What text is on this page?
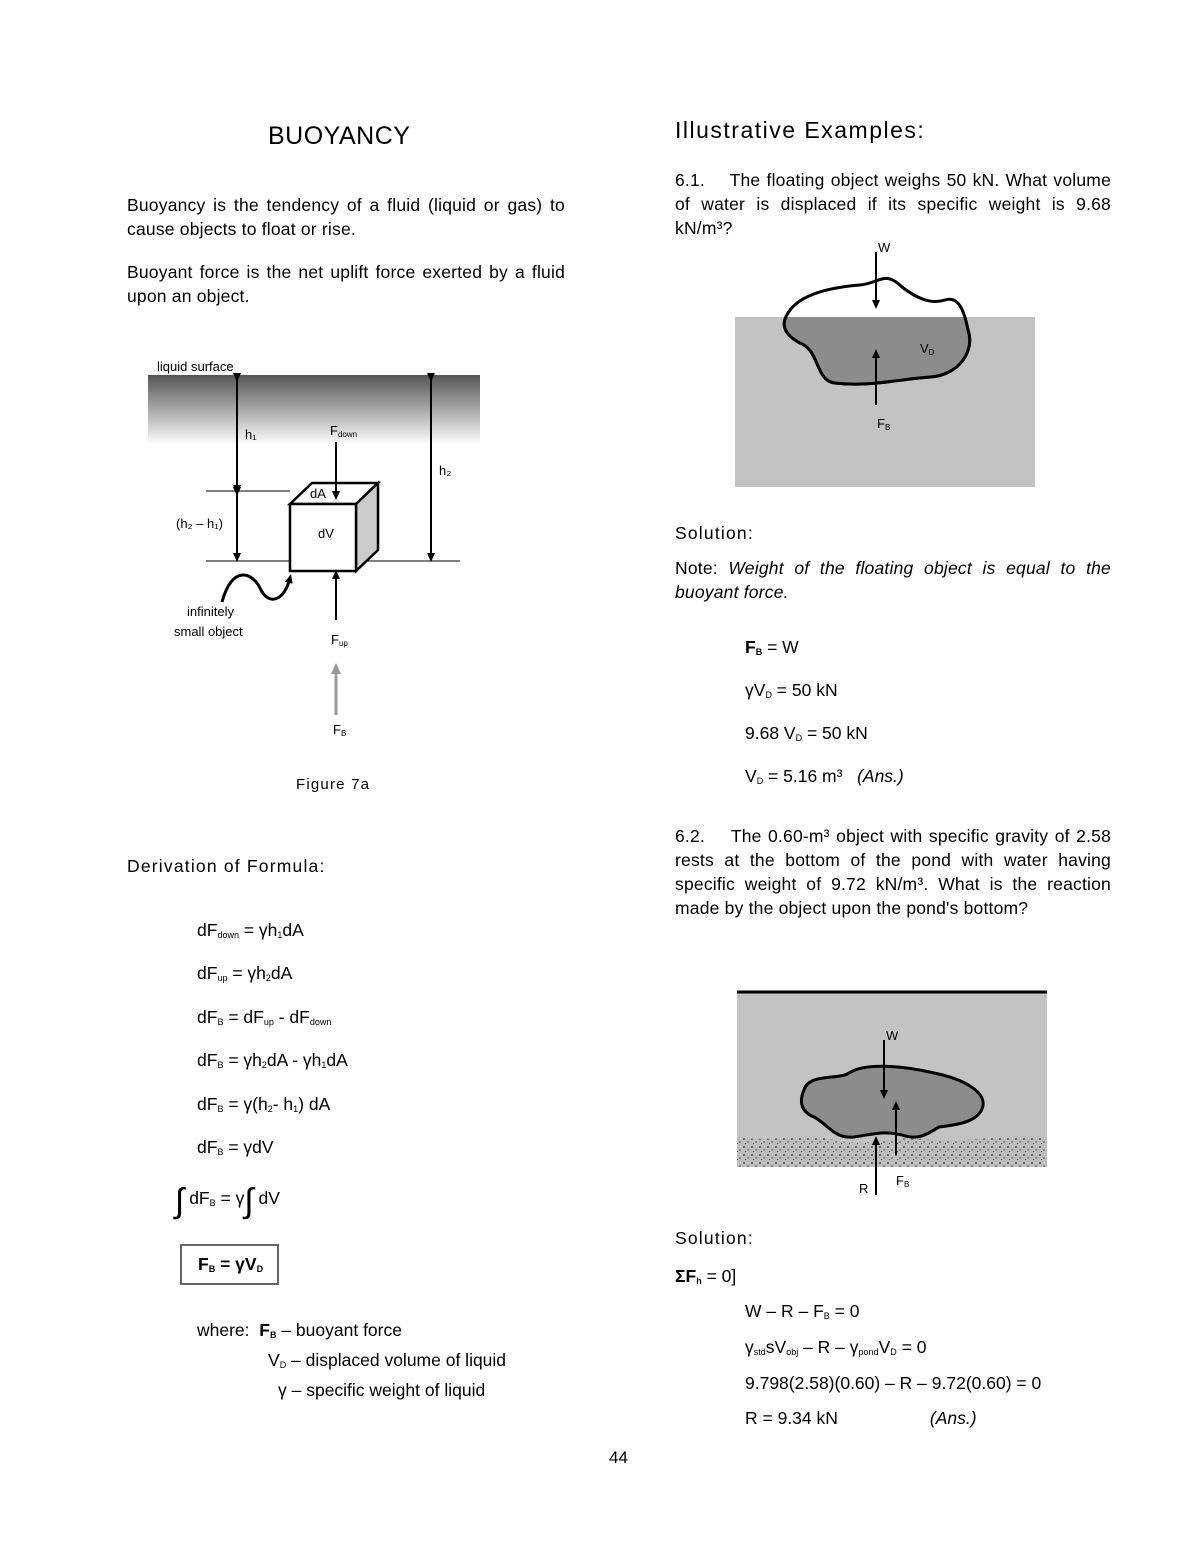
BUOYANCY
Buoyancy is the tendency of a fluid (liquid or gas) to cause objects to float or rise.
Buoyant force is the net uplift force exerted by a fluid upon an object.
liquid surface
h₁
h₂
(h₂ – h₁)
Fdown
dA
dV
infinitely
small object
Fup
FB
Figure 7a
Derivation of Formula:
$dF_{down} = \gamma h_1dA$
$dF_{up} = \gamma h_2dA$
$dF_B = dF_{up} - dF_{down}$
$dF_B = \gamma h_2dA - \gamma h_1dA$
$dF_B = \gamma(h_2-$ $h_1$) dA
$dF_B = \gamma dV$
∫ $dF_B = \gamma\int$ dV
$F_B = \gamma V_D$
where: $F_B$ – buoyant force
$V_D$ – displaced volume of liquid
γ – specific weight of liquid
Illustrative Examples:
6.1. The floating object weighs 50 kN. What volume of water is displaced if its specific weight is 9.68 kN/m³?
W
VD
FB
Solution:
Note: Weight of the floating object is equal to the buoyant force.
$F_B = W$
$\gamma V_D = 50$ kN
9.68 $V_D = 50$ kN
$V_D = 5.16$ m³ (Ans.)
6.2. The 0.60-m³ object with specific gravity of 2.58 rests at the bottom of the pond with water having specific weight of 9.72 kN/m³. What is the reaction made by the object upon the pond's bottom?
W
R
FB
Solution:
$\Sigma F_h = 0$]
$W - R - F_B = 0$
$\gamma_{std}sV_{obj} - R - \gamma_{pond}V_D = 0$
9.798(2.58)(0.60) – R – 9.72(0.60) = 0
R = 9.34 kN	(Ans.)
44
